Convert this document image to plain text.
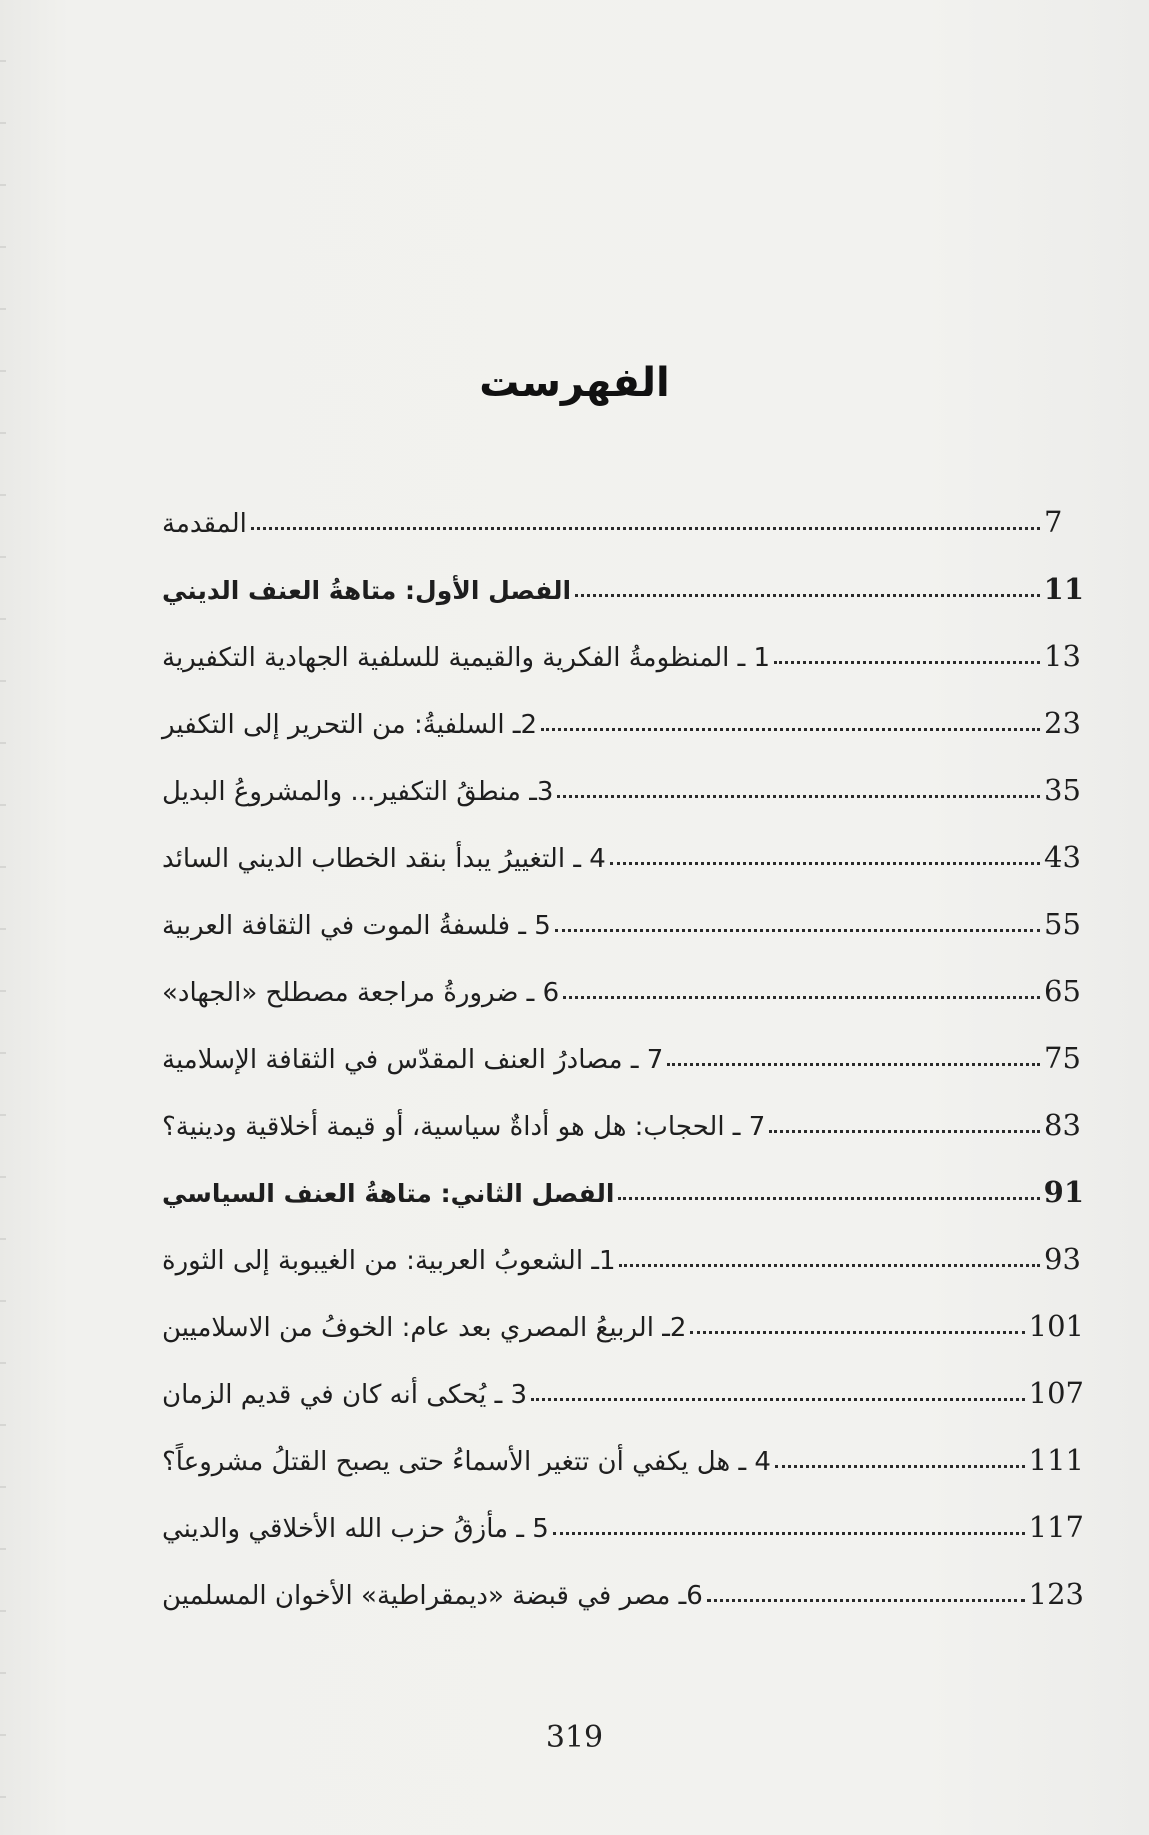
الفهرست
المقدمة	7
الفصل الأول: متاهةُ العنف الديني	11
1 ـ المنظومةُ الفكرية والقيمية للسلفية الجهادية التكفيرية	13
2ـ السلفيةُ: من التحرير إلى التكفير	23
3ـ منطقُ التكفير... والمشروعُ البديل	35
4 ـ التغييرُ يبدأ بنقد الخطاب الديني السائد	43
5 ـ فلسفةُ الموت في الثقافة العربية	55
6 ـ ضرورةُ مراجعة مصطلح «الجهاد»	65
7 ـ مصادرُ العنف المقدّس في الثقافة الإسلامية	75
7 ـ الحجاب: هل هو أداةٌ سياسية، أو قيمة أخلاقية ودينية؟	83
الفصل الثاني: متاهةُ العنف السياسي	91
1ـ الشعوبُ العربية: من الغيبوبة إلى الثورة	93
2ـ الربيعُ المصري بعد عام: الخوفُ من الاسلاميين	101
3 ـ يُحكى أنه كان في قديم الزمان	107
4 ـ هل يكفي أن تتغير الأسماءُ حتى يصبح القتلُ مشروعاً؟	111
5 ـ مأزقُ حزب الله الأخلاقي والديني	117
6ـ مصر في قبضة «ديمقراطية» الأخوان المسلمين	123
319
